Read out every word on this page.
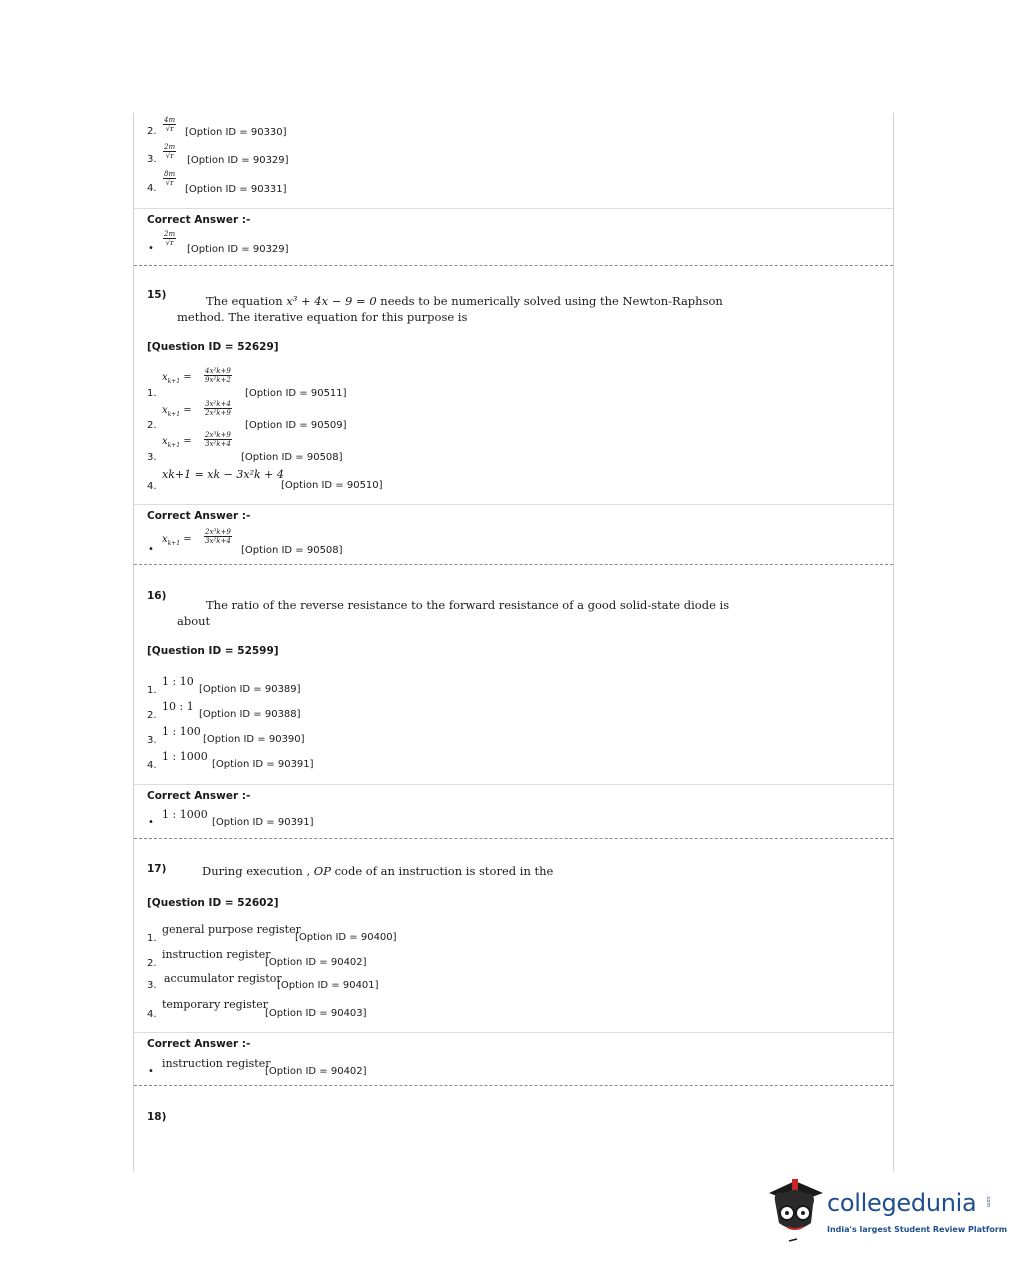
2. $\frac{4m}{√r}$ [Option ID = 90330]
3. $\frac{2m}{√r}$
[Option ID = 90329]
4.
$\frac{8m}{√r}$
[Option ID = 90331]
Correct Answer :-
•
$\frac{2m}{√r}$
[Option ID = 90329]
15)	The equation x³ + 4x − 9 = 0 needs to be numerically solved using the Newton-Raphson
method. The iterative equation for this purpose is
[Question ID = 52629]
1.
$x_{k+1} = \frac{\text{4x²k+9}}{\text{9x²k+2}}$
[Option ID = 90511]
2.
$x_{k+1} = \frac{\text{3x²k+4}}{\text{2x²k+9}}$
[Option ID = 90509]
3.
$x_{k+1} = \frac{\text{2x³k+9}}{\text{3x²k+4}}$
[Option ID = 90508]
4.
xk+1 = xk − 3x²k + 4
[Option ID = 90510]
Correct Answer :-
•
$x_{k+1} = \frac{\text{2x³k+9}}{\text{3x²k+4}}$
[Option ID = 90508]
16)
The ratio of the reverse resistance to the forward resistance of a good solid-state diode is
about
[Question ID = 52599]
1.
1 : 10
[Option ID = 90389]
2.
10 : 1
[Option ID = 90388]
3.
1 : 100
[Option ID = 90390]
4.
1 : 1000
[Option ID = 90391]
Correct Answer :-
•
1 : 1000
[Option ID = 90391]
17)	During execution , OP code of an instruction is stored in the
[Question ID = 52602]
1.
general purpose register
[Option ID = 90400]
2.
instruction register
[Option ID = 90402]
3.
accumulator registor
[Option ID = 90401]
4.
temporary register
[Option ID = 90403]
Correct Answer :-
•
instruction register
[Option ID = 90402]
18)
collegedunia .com
India's largest Student Review Platform
